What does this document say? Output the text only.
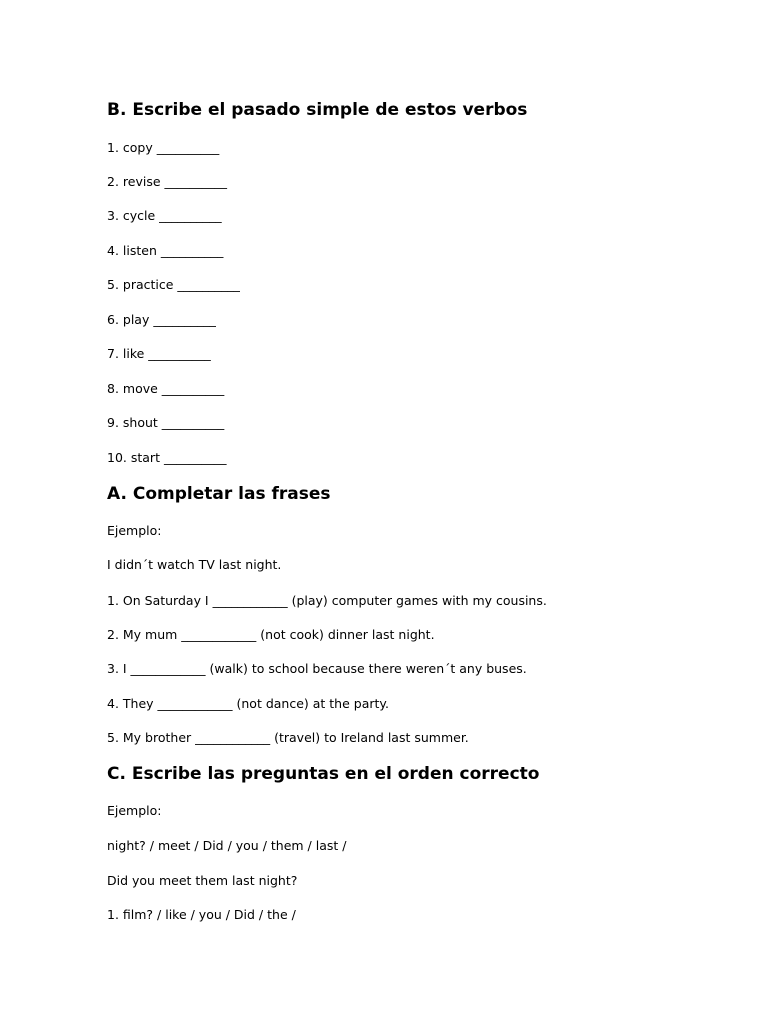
B. Escribe el pasado simple de estos verbos

1. copy __________

2. revise __________

3. cycle __________

4. listen __________

5. practice __________

6. play __________

7. like __________

8. move __________

9. shout __________

10. start __________

A. Completar las frases

Ejemplo:

I didn´t watch TV last night.

1. On Saturday I ____________ (play) computer games with my cousins.

2. My mum ____________ (not cook) dinner last night.

3. I ____________ (walk) to school because there weren´t any buses.

4. They ____________ (not dance) at the party.

5. My brother ____________ (travel) to Ireland last summer.

C. Escribe las preguntas en el orden correcto

Ejemplo:

night? / meet / Did / you / them / last /

Did you meet them last night?

1. film? / like / you / Did / the /
